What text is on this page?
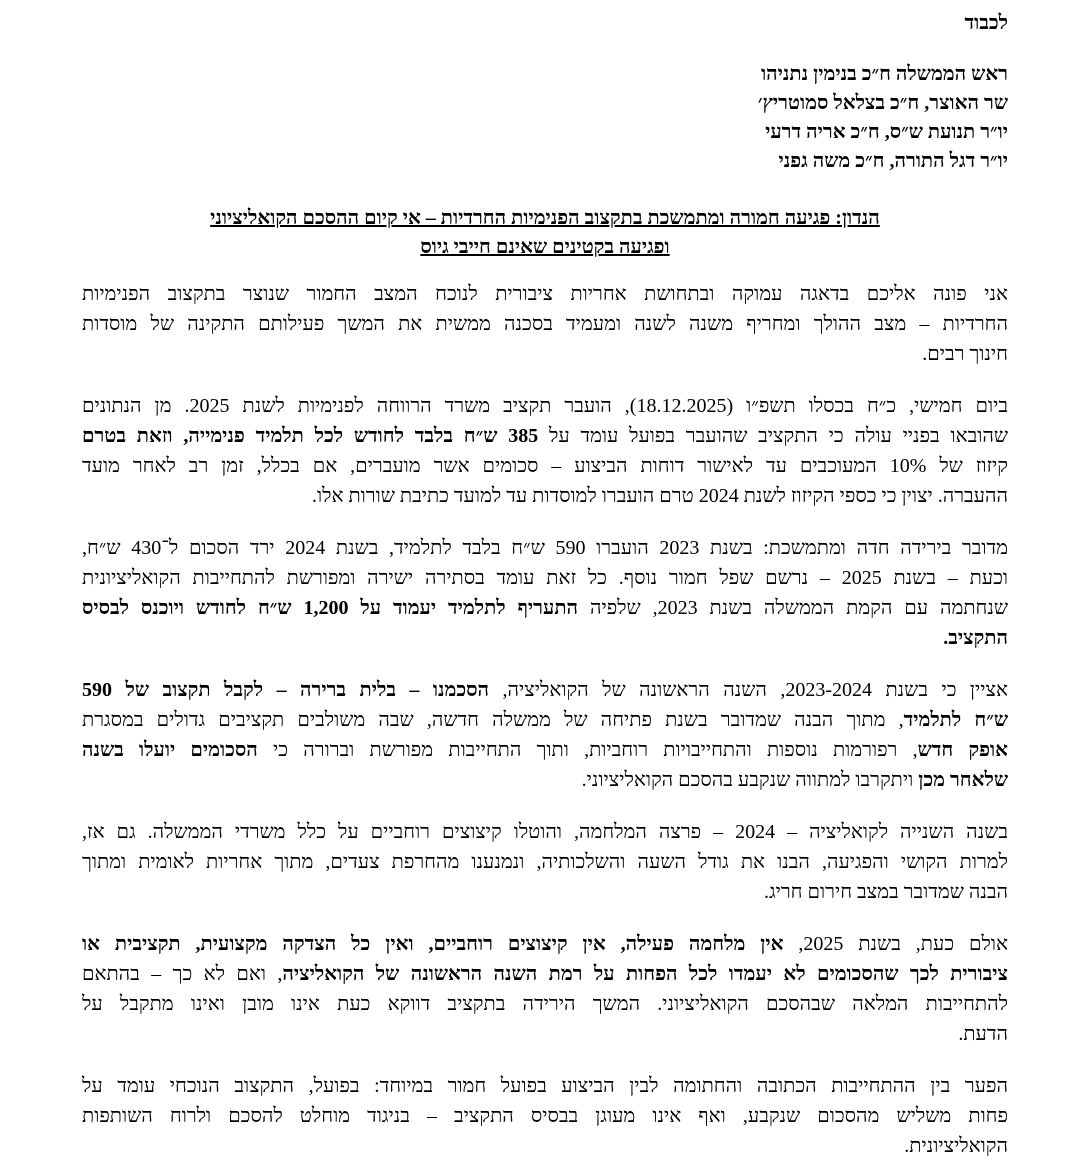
לכבוד
ראש הממשלה ח״כ בנימין נתניהו
שר האוצר, ח״כ בצלאל סמוטריץ׳
יו״ר תנועת ש״ס, ח״כ אריה דרעי
יו״ר דגל התורה, ח״כ משה גפני
הנדון: פגיעה חמורה ומתמשכת בתקצוב הפנימיות החרדיות – אי קיום ההסכם הקואליציוני
ופגיעה בקטינים שאינם חייבי גיוס
אני פונה אליכם בדאגה עמוקה ובתחושת אחריות ציבורית לנוכח המצב החמור שנוצר בתקצוב הפנימיות
החרדיות – מצב ההולך ומחריף משנה לשנה ומעמיד בסכנה ממשית את המשך פעילותם התקינה של מוסדות
חינוך רבים.
ביום חמישי, כ״ח בכסלו תשפ״ו (18.12.2025), הועבר תקציב משרד הרווחה לפנימיות לשנת 2025. מן הנתונים
שהובאו בפניי עולה כי התקציב שהועבר בפועל עומד על 385 ש״ח בלבד לחודש לכל תלמיד פנימייה, וזאת בטרם
קיזוז של 10% המעוכבים עד לאישור דוחות הביצוע – סכומים אשר מועברים, אם בכלל, זמן רב לאחר מועד
ההעברה. יצוין כי כספי הקיזוז לשנת 2024 טרם הועברו למוסדות עד למועד כתיבת שורות אלו.
מדובר בירידה חדה ומתמשכת: בשנת 2023 הועברו 590 ש״ח בלבד לתלמיד, בשנת 2024 ירד הסכום ל־430 ש״ח,
וכעת – בשנת 2025 – נרשם שפל חמור נוסף. כל זאת עומד בסתירה ישירה ומפורשת להתחייבות הקואליציונית
שנחתמה עם הקמת הממשלה בשנת 2023, שלפיה התעריף לתלמיד יעמוד על 1,200 ש״ח לחודש ויוכנס לבסיס
התקציב.
אציין כי בשנת 2023-2024, השנה הראשונה של הקואליציה, הסכמנו – בלית ברירה – לקבל תקצוב של 590
ש״ח לתלמיד, מתוך הבנה שמדובר בשנת פתיחה של ממשלה חדשה, שבה משולבים תקציבים גדולים במסגרת
אופק חדש, רפורמות נוספות והתחייבויות רוחביות, ותוך התחייבות מפורשת וברורה כי הסכומים יועלו בשנה
שלאחר מכן ויתקרבו למתווה שנקבע בהסכם הקואליציוני.
בשנה השנייה לקואליציה – 2024 – פרצה המלחמה, והוטלו קיצוצים רוחביים על כלל משרדי הממשלה. גם אז,
למרות הקושי והפגיעה, הבנו את גודל השעה והשלכותיה, ונמנענו מהחרפת צעדים, מתוך אחריות לאומית ומתוך
הבנה שמדובר במצב חירום חריג.
אולם כעת, בשנת 2025, אין מלחמה פעילה, אין קיצוצים רוחביים, ואין כל הצדקה מקצועית, תקציבית או
ציבורית לכך שהסכומים לא יעמדו לכל הפחות על רמת השנה הראשונה של הקואליציה, ואם לא כך – בהתאם
להתחייבות המלאה שבהסכם הקואליציוני. המשך הירידה בתקציב דווקא כעת אינו מובן ואינו מתקבל על
הדעת.
הפער בין ההתחייבות הכתובה והחתומה לבין הביצוע בפועל חמור במיוחד: בפועל, התקצוב הנוכחי עומד על
פחות משליש מהסכום שנקבע, ואף אינו מעוגן בבסיס התקציב – בניגוד מוחלט להסכם ולרוח השותפות
הקואליציונית.
